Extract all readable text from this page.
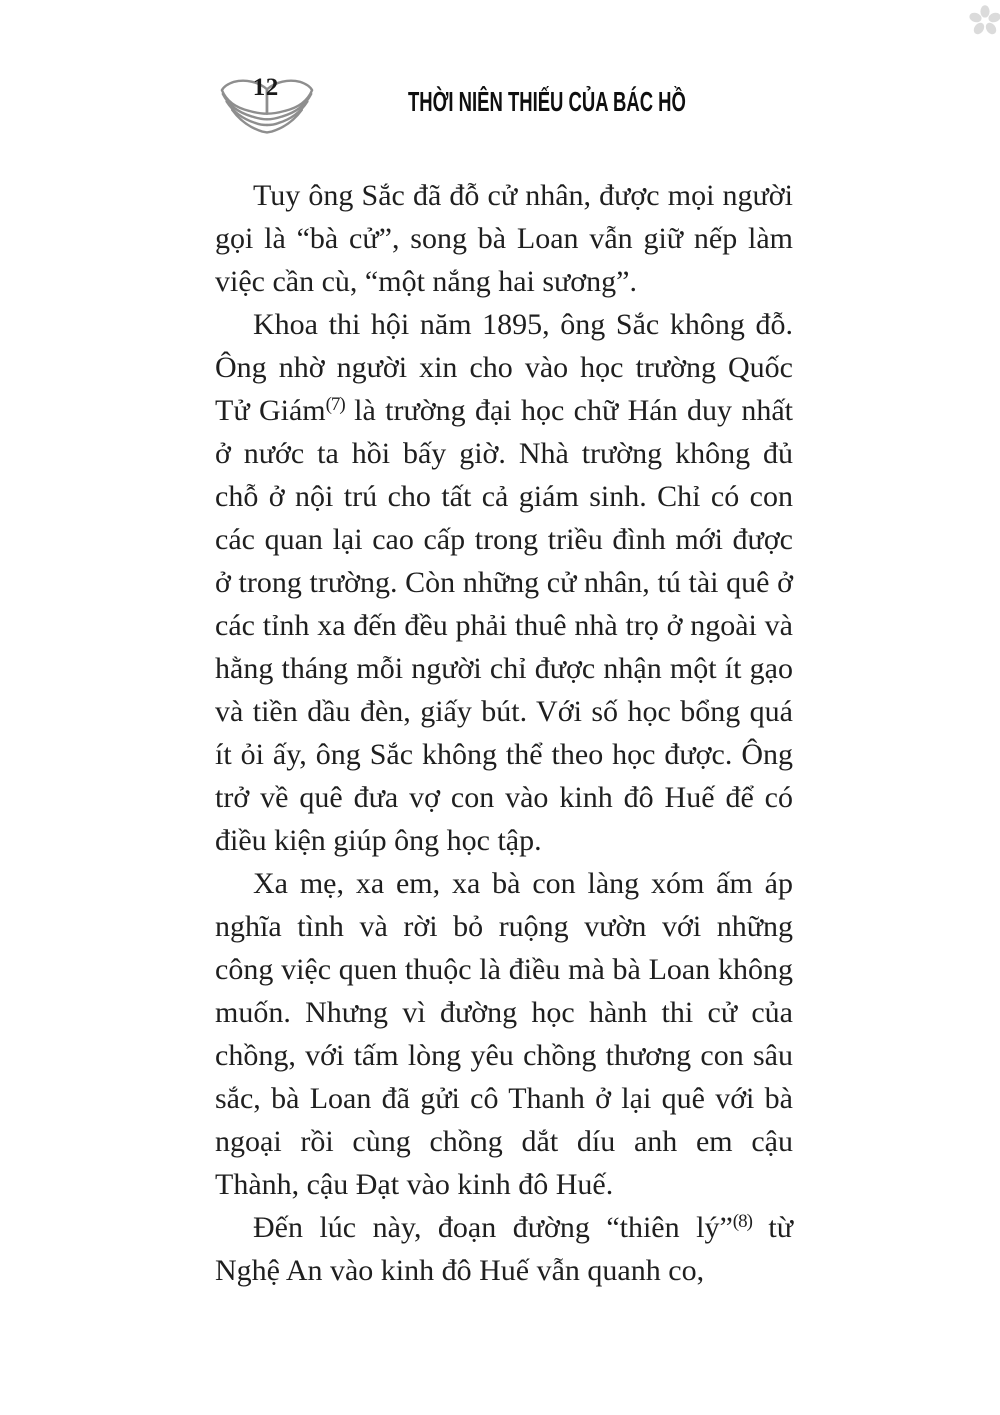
12	THỜI NIÊN THIẾU CỦA BÁC HỒ

Tuy ông Sắc đã đỗ cử nhân, được mọi người gọi là “bà cử”, song bà Loan vẫn giữ nếp làm việc cần cù, “một nắng hai sương”.

Khoa thi hội năm 1895, ông Sắc không đỗ. Ông nhờ người xin cho vào học trường Quốc Tử Giám$^{(7)}$ là trường đại học chữ Hán duy nhất ở nước ta hồi bấy giờ. Nhà trường không đủ chỗ ở nội trú cho tất cả giám sinh. Chỉ có con các quan lại cao cấp trong triều đình mới được ở trong trường. Còn những cử nhân, tú tài quê ở các tỉnh xa đến đều phải thuê nhà trọ ở ngoài và hằng tháng mỗi người chỉ được nhận một ít gạo và tiền dầu đèn, giấy bút. Với số học bổng quá ít ỏi ấy, ông Sắc không thể theo học được. Ông trở về quê đưa vợ con vào kinh đô Huế để có điều kiện giúp ông học tập.

Xa mẹ, xa em, xa bà con làng xóm ấm áp nghĩa tình và rời bỏ ruộng vườn với những công việc quen thuộc là điều mà bà Loan không muốn. Nhưng vì đường học hành thi cử của chồng, với tấm lòng yêu chồng thương con sâu sắc, bà Loan đã gửi cô Thanh ở lại quê với bà ngoại rồi cùng chồng dắt díu anh em cậu Thành, cậu Đạt vào kinh đô Huế.

Đến lúc này, đoạn đường “thiên lý”$^{(8)}$ từ Nghệ An vào kinh đô Huế vẫn quanh co,
